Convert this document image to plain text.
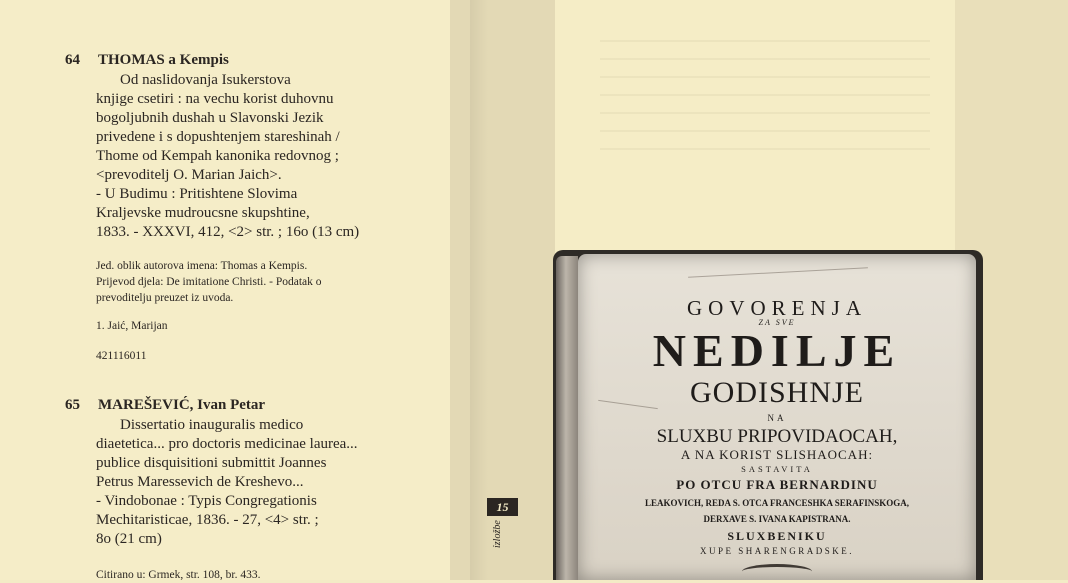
64 THOMAS a Kempis
Od naslidovanja Isukerstova
knjige csetiri : na vechu korist duhovnu
bogoljubnih dushah u Slavonski Jezik
privedene i s dopushtenjem stareshinah /
Thome od Kempah kanonika redovnog ;
<prevoditelj O. Marian Jaich>.
- U Budimu : Pritishtene Slovima
Kraljevske mudroucsne skupshtine,
1833. - XXXVI, 412, <2> str. ; 16o (13 cm)
Jed. oblik autorova imena: Thomas a Kempis.
Prijevod djela: De imitatione Christi. - Podatak o
prevoditelju preuzet iz uvoda.
1. Jaić, Marijan
421116011
65 MAREŠEVIĆ, Ivan Petar
Dissertatio inauguralis medico
diaetetica... pro doctoris medicinae laurea...
publice disquisitioni submittit Joannes
Petrus Maressevich de Kreshevo...
- Vindobonae : Typis Congregationis
Mechitaristicae, 1836. - 27, <4> str. ;
8o (21 cm)
Citirano u: Grmek, str. 108, br. 433.
15
izložbe
GOVORENJA
ZA SVE
NEDILJE
GODISHNJE
NA
SLUXBU PRIPOVIDAOCAH,
A NA KORIST SLISHAOCAH:
SASTAVITA
PO OTCU FRA BERNARDINU
LEAKOVICH, REDA S. OTCA FRANCESHKA SERAFINSKOGA,
DERXAVE S. IVANA KAPISTRANA.
SLUXBENIKU
XUPE SHARENGRADSKE.
